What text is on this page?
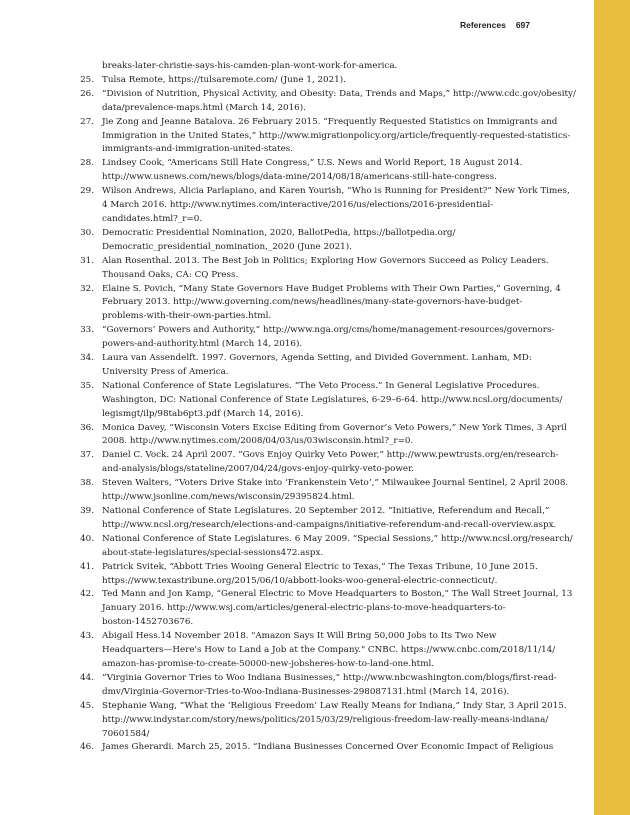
References 697
breaks-later-christie-says-his-camden-plan-wont-work-for-america.
25. Tulsa Remote, https://tulsaremote.com/ (June 1, 2021).
26. “Division of Nutrition, Physical Activity, and Obesity: Data, Trends and Maps,” http://www.cdc.gov/obesity/
data/prevalence-maps.html (March 14, 2016).
27. Jie Zong and Jeanne Batalova. 26 February 2015. “Frequently Requested Statistics on Immigrants and
Immigration in the United States,” http://www.migrationpolicy.org/article/frequently-requested-statistics-
immigrants-and-immigration-united-states.
28. Lindsey Cook, “Americans Still Hate Congress,” U.S. News and World Report, 18 August 2014.
http://www.usnews.com/news/blogs/data-mine/2014/08/18/americans-still-hate-congress.
29. Wilson Andrews, Alicia Parlapiano, and Karen Yourish, “Who is Running for President?” New York Times,
4 March 2016. http://www.nytimes.com/interactive/2016/us/elections/2016-presidential-
candidates.html?_r=0.
30. Democratic Presidential Nomination, 2020, BallotPedia, https://ballotpedia.org/
Democratic_presidential_nomination,_2020 (June 2021).
31. Alan Rosenthal. 2013. The Best Job in Politics; Exploring How Governors Succeed as Policy Leaders.
Thousand Oaks, CA: CQ Press.
32. Elaine S. Povich, “Many State Governors Have Budget Problems with Their Own Parties,” Governing, 4
February 2013. http://www.governing.com/news/headlines/many-state-governors-have-budget-
problems-with-their-own-parties.html.
33. “Governors’ Powers and Authority,” http://www.nga.org/cms/home/management-resources/governors-
powers-and-authority.html (March 14, 2016).
34. Laura van Assendelft. 1997. Governors, Agenda Setting, and Divided Government. Lanham, MD:
University Press of America.
35. National Conference of State Legislatures. “The Veto Process.” In General Legislative Procedures.
Washington, DC: National Conference of State Legislatures, 6-29–6-64. http://www.ncsl.org/documents/
legismgt/ilp/98tab6pt3.pdf (March 14, 2016).
36. Monica Davey, “Wisconsin Voters Excise Editing from Governor’s Veto Powers,” New York Times, 3 April
2008. http://www.nytimes.com/2008/04/03/us/03wisconsin.html?_r=0.
37. Daniel C. Vock. 24 April 2007. “Govs Enjoy Quirky Veto Power,” http://www.pewtrusts.org/en/research-
and-analysis/blogs/stateline/2007/04/24/govs-enjoy-quirky-veto-power.
38. Steven Walters, “Voters Drive Stake into ‘Frankenstein Veto’,” Milwaukee Journal Sentinel, 2 April 2008.
http://www.jsonline.com/news/wisconsin/29395824.html.
39. National Conference of State Legislatures. 20 September 2012. “Initiative, Referendum and Recall,”
http://www.ncsl.org/research/elections-and-campaigns/initiative-referendum-and-recall-overview.aspx.
40. National Conference of State Legislatures. 6 May 2009. “Special Sessions,” http://www.ncsl.org/research/
about-state-legislatures/special-sessions472.aspx.
41. Patrick Svitek, “Abbott Tries Wooing General Electric to Texas,” The Texas Tribune, 10 June 2015.
https://www.texastribune.org/2015/06/10/abbott-looks-woo-general-electric-connecticut/.
42. Ted Mann and Jon Kamp, “General Electric to Move Headquarters to Boston,” The Wall Street Journal, 13
January 2016. http://www.wsj.com/articles/general-electric-plans-to-move-headquarters-to-
boston-1452703676.
43. Abigail Hess.14 November 2018. "Amazon Says It Will Bring 50,000 Jobs to Its Two New
Headquarters—Here's How to Land a Job at the Company." CNBC. https://www.cnbc.com/2018/11/14/
amazon-has-promise-to-create-50000-new-jobsheres-how-to-land-one.html.
44. “Virginia Governor Tries to Woo Indiana Businesses,” http://www.nbcwashington.com/blogs/first-read-
dmv/Virginia-Governor-Tries-to-Woo-Indiana-Businesses-298087131.html (March 14, 2016).
45. Stephanie Wang, “What the ‘Religious Freedom’ Law Really Means for Indiana,” Indy Star, 3 April 2015.
http://www.indystar.com/story/news/politics/2015/03/29/religious-freedom-law-really-means-indiana/
70601584/
46. James Gherardi. March 25, 2015. “Indiana Businesses Concerned Over Economic Impact of Religious
